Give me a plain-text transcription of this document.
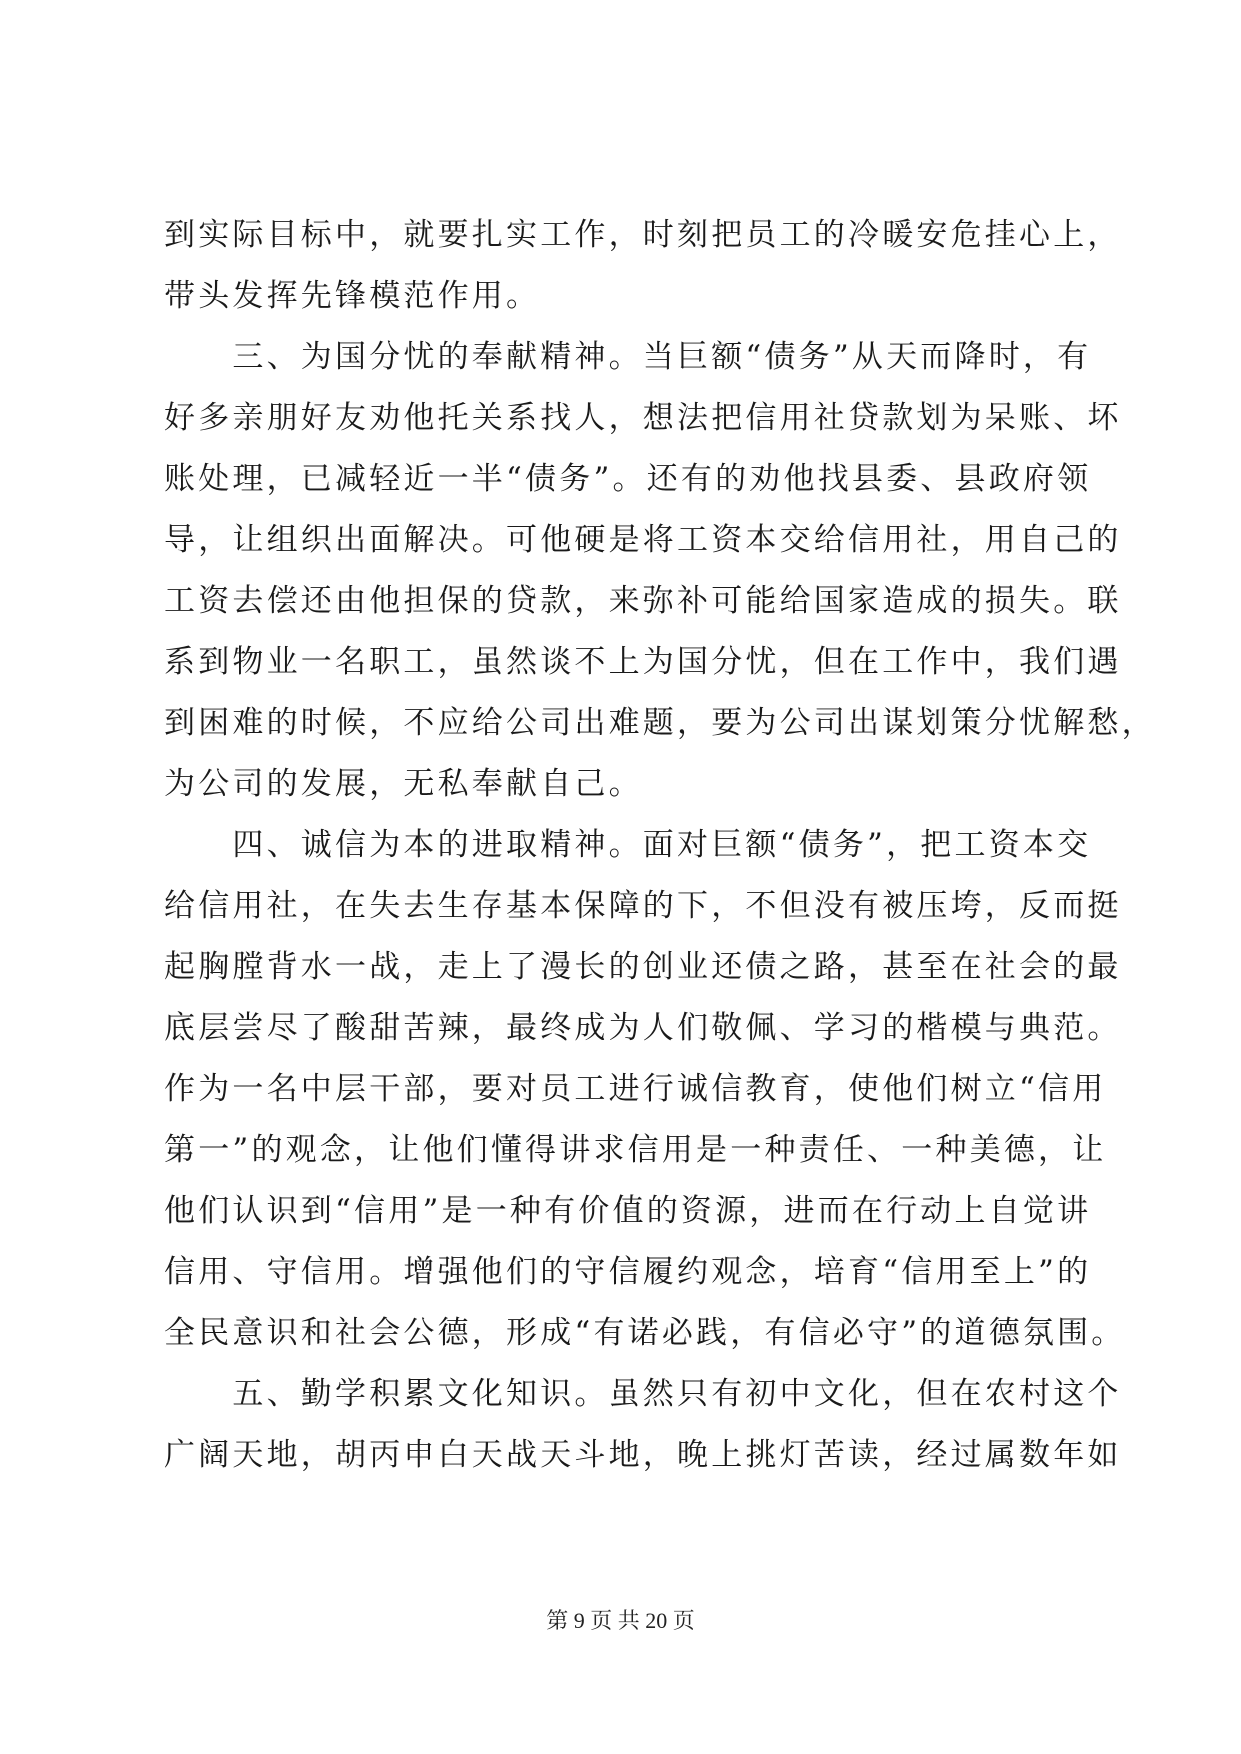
到实际目标中，就要扎实工作，时刻把员工的冷暖安危挂心上，
带头发挥先锋模范作用。
　　三、为国分忧的奉献精神。当巨额“债务”从天而降时，有
好多亲朋好友劝他托关系找人，想法把信用社贷款划为呆账、坏
账处理，已减轻近一半“债务”。还有的劝他找县委、县政府领
导，让组织出面解决。可他硬是将工资本交给信用社，用自己的
工资去偿还由他担保的贷款，来弥补可能给国家造成的损失。联
系到物业一名职工，虽然谈不上为国分忧，但在工作中，我们遇
到困难的时候，不应给公司出难题，要为公司出谋划策分忧解愁，
为公司的发展，无私奉献自己。
　　四、诚信为本的进取精神。面对巨额“债务”，把工资本交
给信用社，在失去生存基本保障的下，不但没有被压垮，反而挺
起胸膛背水一战，走上了漫长的创业还债之路，甚至在社会的最
底层尝尽了酸甜苦辣，最终成为人们敬佩、学习的楷模与典范。
作为一名中层干部，要对员工进行诚信教育，使他们树立“信用
第一”的观念，让他们懂得讲求信用是一种责任、一种美德，让
他们认识到“信用”是一种有价值的资源，进而在行动上自觉讲
信用、守信用。增强他们的守信履约观念，培育“信用至上”的
全民意识和社会公德，形成“有诺必践，有信必守”的道德氛围。
　　五、勤学积累文化知识。虽然只有初中文化，但在农村这个
广阔天地，胡丙申白天战天斗地，晚上挑灯苦读，经过属数年如
第 9 页 共 20 页
